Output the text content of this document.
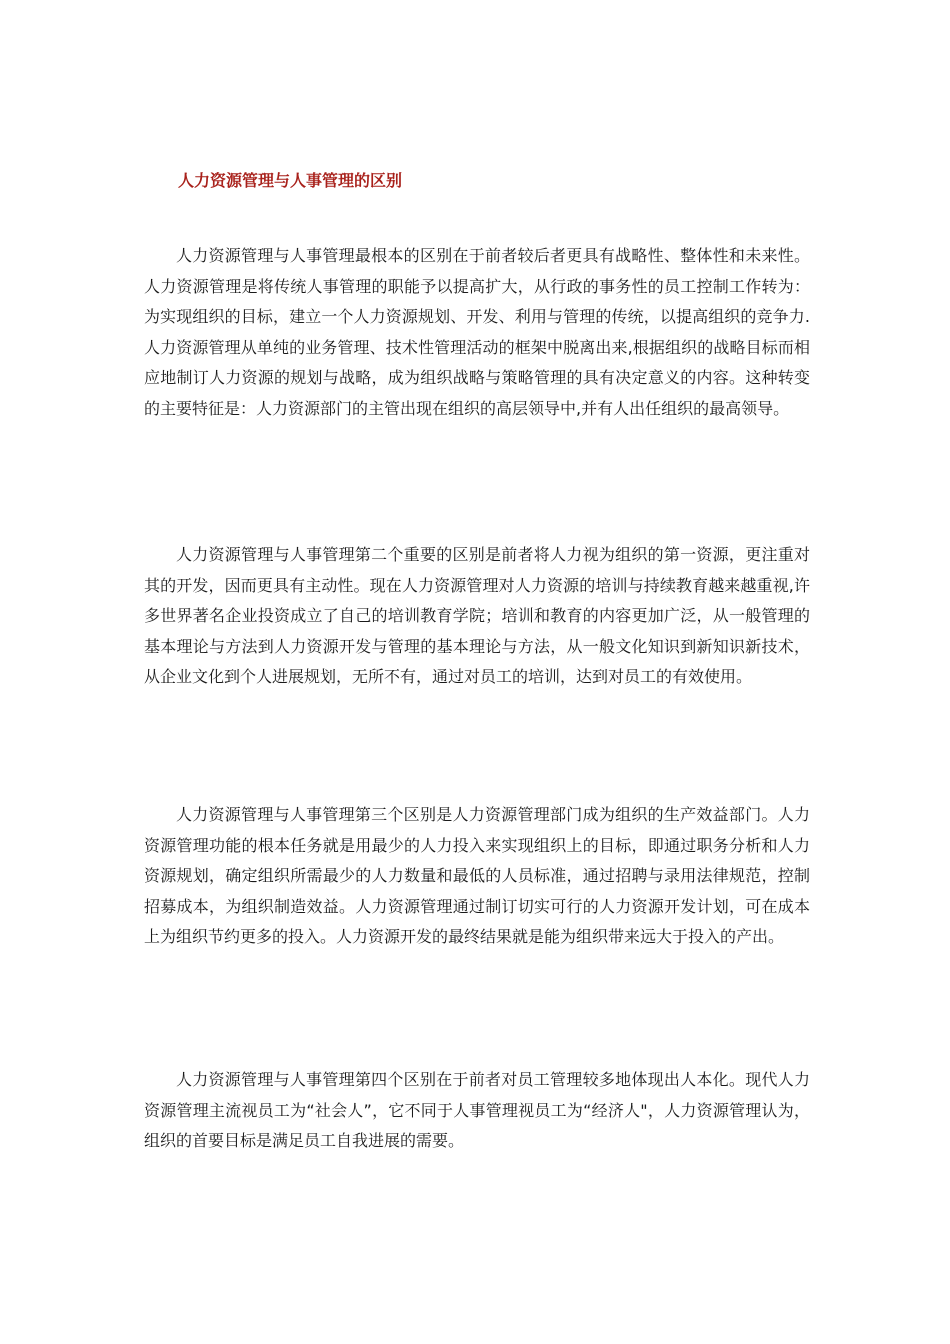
人力资源管理与人事管理的区别

人力资源管理与人事管理最根本的区别在于前者较后者更具有战略性、整体性和未来性。人力资源管理是将传统人事管理的职能予以提高扩大，从行政的事务性的员工控制工作转为：为实现组织的目标，建立一个人力资源规划、开发、利用与管理的传统，以提高组织的竞争力.人力资源管理从单纯的业务管理、技术性管理活动的框架中脱离出来,根据组织的战略目标而相应地制订人力资源的规划与战略，成为组织战略与策略管理的具有决定意义的内容。这种转变的主要特征是：人力资源部门的主管出现在组织的高层领导中,并有人出任组织的最高领导。

人力资源管理与人事管理第二个重要的区别是前者将人力视为组织的第一资源，更注重对其的开发，因而更具有主动性。现在人力资源管理对人力资源的培训与持续教育越来越重视,许多世界著名企业投资成立了自己的培训教育学院；培训和教育的内容更加广泛，从一般管理的基本理论与方法到人力资源开发与管理的基本理论与方法，从一般文化知识到新知识新技术，从企业文化到个人进展规划，无所不有，通过对员工的培训，达到对员工的有效使用。

人力资源管理与人事管理第三个区别是人力资源管理部门成为组织的生产效益部门。人力资源管理功能的根本任务就是用最少的人力投入来实现组织上的目标，即通过职务分析和人力资源规划，确定组织所需最少的人力数量和最低的人员标准，通过招聘与录用法律规范，控制招募成本，为组织制造效益。人力资源管理通过制订切实可行的人力资源开发计划，可在成本上为组织节约更多的投入。人力资源开发的最终结果就是能为组织带来远大于投入的产出。

人力资源管理与人事管理第四个区别在于前者对员工管理较多地体现出人本化。现代人力资源管理主流视员工为“社会人”，它不同于人事管理视员工为“经济人"，人力资源管理认为，组织的首要目标是满足员工自我进展的需要。
